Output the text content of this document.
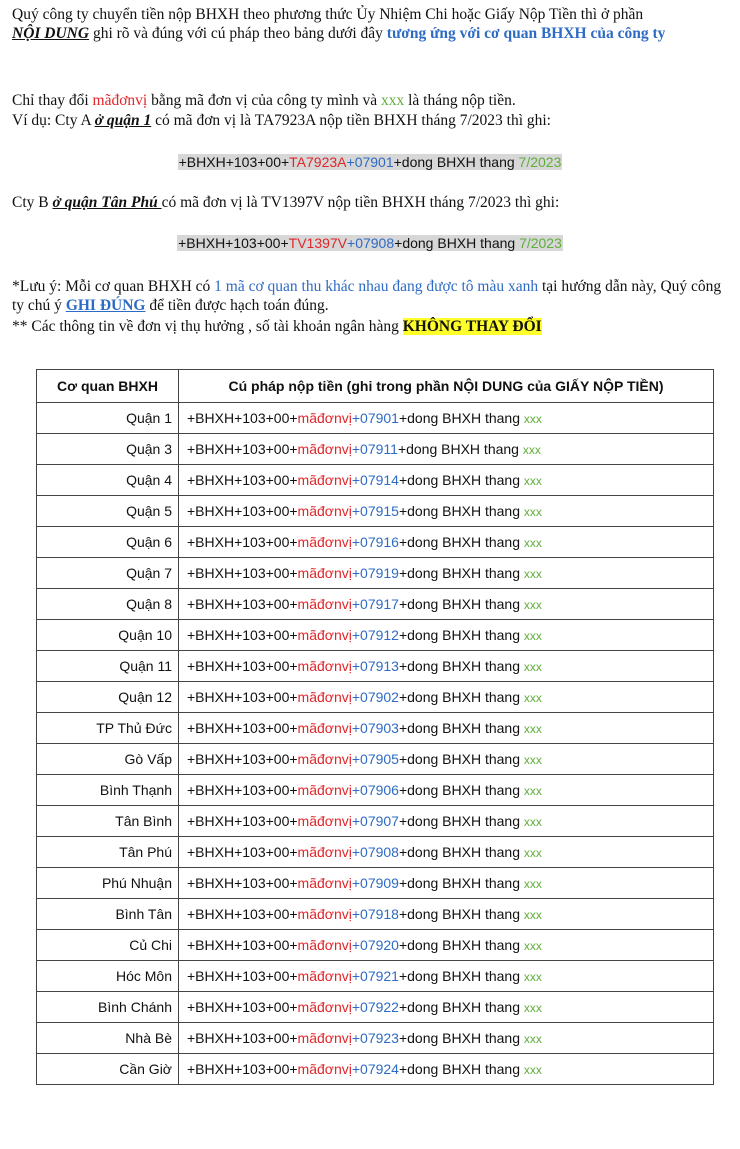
Quý công ty chuyển tiền nộp BHXH theo phương thức Ủy Nhiệm Chi hoặc Giấy Nộp Tiền thì ở phần
NỘI DUNG ghi rõ và đúng với cú pháp theo bảng dưới đây tương ứng với cơ quan BHXH của công ty
Chỉ thay đổi mãđơnvị bằng mã đơn vị của công ty mình và xxx là tháng nộp tiền.
Ví dụ: Cty A ở quận 1 có mã đơn vị là TA7923A nộp tiền BHXH tháng 7/2023 thì ghi:
+BHXH+103+00+TA7923A+07901+dong BHXH thang 7/2023
Cty B ở quận Tân Phú có mã đơn vị là TV1397V nộp tiền BHXH tháng 7/2023 thì ghi:
+BHXH+103+00+TV1397V+07908+dong BHXH thang 7/2023
*Lưu ý: Mỗi cơ quan BHXH có 1 mã cơ quan thu khác nhau đang được tô màu xanh tại hướng dẫn này, Quý công ty chú ý GHI ĐÚNG để tiền được hạch toán đúng.
** Các thông tin về đơn vị thụ hưởng , số tài khoản ngân hàng KHÔNG THAY ĐỔI
Cơ quan BHXH	Cú pháp nộp tiền (ghi trong phần NỘI DUNG của GIẤY NỘP TIỀN)
Quận 1	+BHXH+103+00+mãđơnvị+07901+dong BHXH thang xxx
Quận 3	+BHXH+103+00+mãđơnvị+07911+dong BHXH thang xxx
Quận 4	+BHXH+103+00+mãđơnvị+07914+dong BHXH thang xxx
Quận 5	+BHXH+103+00+mãđơnvị+07915+dong BHXH thang xxx
Quận 6	+BHXH+103+00+mãđơnvị+07916+dong BHXH thang xxx
Quận 7	+BHXH+103+00+mãđơnvị+07919+dong BHXH thang xxx
Quận 8	+BHXH+103+00+mãđơnvị+07917+dong BHXH thang xxx
Quận 10	+BHXH+103+00+mãđơnvị+07912+dong BHXH thang xxx
Quận 11	+BHXH+103+00+mãđơnvị+07913+dong BHXH thang xxx
Quận 12	+BHXH+103+00+mãđơnvị+07902+dong BHXH thang xxx
TP Thủ Đức	+BHXH+103+00+mãđơnvị+07903+dong BHXH thang xxx
Gò Vấp	+BHXH+103+00+mãđơnvị+07905+dong BHXH thang xxx
Bình Thạnh	+BHXH+103+00+mãđơnvị+07906+dong BHXH thang xxx
Tân Bình	+BHXH+103+00+mãđơnvị+07907+dong BHXH thang xxx
Tân Phú	+BHXH+103+00+mãđơnvị+07908+dong BHXH thang xxx
Phú Nhuận	+BHXH+103+00+mãđơnvị+07909+dong BHXH thang xxx
Bình Tân	+BHXH+103+00+mãđơnvị+07918+dong BHXH thang xxx
Củ Chi	+BHXH+103+00+mãđơnvị+07920+dong BHXH thang xxx
Hóc Môn	+BHXH+103+00+mãđơnvị+07921+dong BHXH thang xxx
Bình Chánh	+BHXH+103+00+mãđơnvị+07922+dong BHXH thang xxx
Nhà Bè	+BHXH+103+00+mãđơnvị+07923+dong BHXH thang xxx
Cần Giờ	+BHXH+103+00+mãđơnvị+07924+dong BHXH thang xxx
